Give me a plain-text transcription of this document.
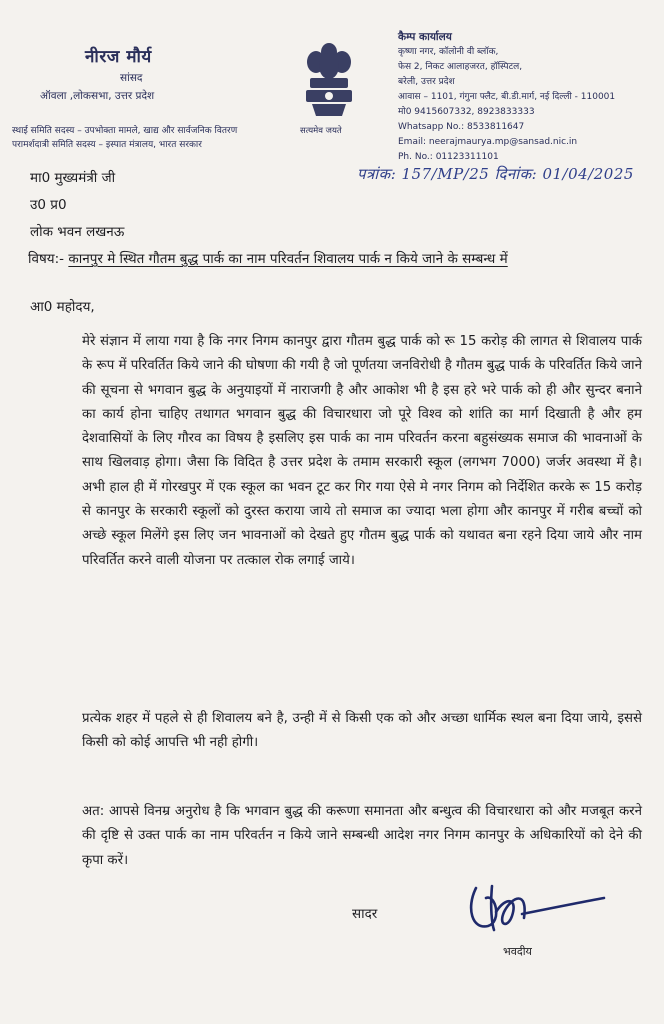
नीरज मौर्य
सांसद
ऑवला ,लोकसभा, उत्तर प्रदेश
स्थाई समिति सदस्य – उपभोक्ता मामले, खाद्य और सार्वजनिक वितरण
परामर्शदात्री समिति सदस्य – इस्पात मंत्रालय, भारत सरकार
सत्यमेव जयते
कैम्प कार्यालय
कृष्णा नगर, कॉलोनी वी ब्लॉक,
फेस 2, निकट आलाहजरत, हॉस्पिटल,
बरेली, उत्तर प्रदेश
आवास – 1101, गंगुना फ्लैट, बी.डी.मार्ग, नई दिल्ली - 110001
मो0 9415607332, 8923833333
Whatsapp No.: 8533811647
Email: neerajmaurya.mp@sansad.nic.in
Ph. No.: 01123311101
पत्रांक: 157/MP/25 दिनांक: 01/04/2025
मा0 मुख्यमंत्री जी
उ0 प्र0
लोक भवन लखनऊ
विषय:- कानपुर मे स्थित गौतम बुद्ध पार्क का नाम परिवर्तन शिवालय पार्क न किये जाने के सम्बन्ध में
आ0 महोदय,
मेरे संज्ञान में लाया गया है कि नगर निगम कानपुर द्वारा गौतम बुद्ध पार्क को रू 15 करोड़ की लागत से शिवालय पार्क के रूप में परिवर्तित किये जाने की घोषणा की गयी है जो पूर्णतया जनविरोधी है गौतम बुद्ध पार्क के परिवर्तित किये जाने की सूचना से भगवान बुद्ध के अनुयाइयों में नाराजगी है और आकोश भी है इस हरे भरे पार्क को ही और सुन्दर बनाने का कार्य होना चाहिए तथागत भगवान बुद्ध की विचारधारा जो पूरे विश्व को शांति का मार्ग दिखाती है और हम देशवासियों के लिए गौरव का विषय है इसलिए इस पार्क का नाम परिवर्तन करना बहुसंख्यक समाज की भावनाओं के साथ खिलवाड़ होगा। जैसा कि विदित है उत्तर प्रदेश के तमाम सरकारी स्कूल (लगभग 7000) जर्जर अवस्था में है। अभी हाल ही में गोरखपुर में एक स्कूल का भवन टूट कर गिर गया ऐसे मे नगर निगम को निर्देशित करके रू 15 करोड़ से कानपुर के सरकारी स्कूलों को दुरस्त कराया जाये तो समाज का ज्यादा भला होगा और कानपुर में गरीब बच्चों को अच्छे स्कूल मिलेंगे इस लिए जन भावनाओं को देखते हुए गौतम बुद्ध पार्क को यथावत बना रहने दिया जाये और नाम परिवर्तित करने वाली योजना पर तत्काल रोक लगाई जाये।
प्रत्येक शहर में पहले से ही शिवालय बने है, उन्ही में से किसी एक को और अच्छा धार्मिक स्थल बना दिया जाये, इससे किसी को कोई आपत्ति भी नही होगी।
अत: आपसे विनम्र अनुरोध है कि भगवान बुद्ध की करूणा समानता और बन्धुत्व की विचारधारा को और मजबूत करने की दृष्टि से उक्त पार्क का नाम परिवर्तन न किये जाने सम्बन्धी आदेश नगर निगम कानपुर के अधिकारियों को देने की कृपा करें।
सादर
भवदीय
